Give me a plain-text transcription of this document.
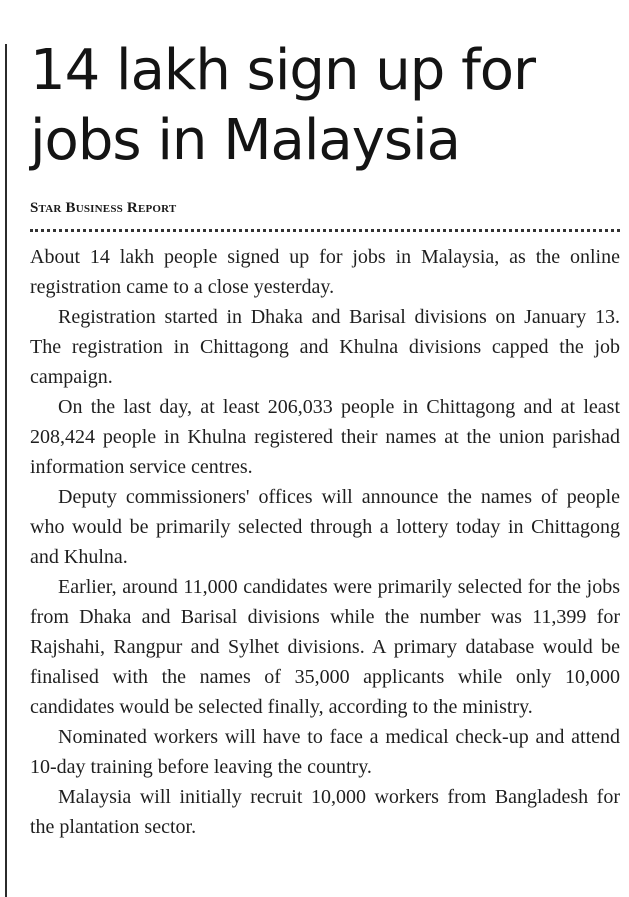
14 lakh sign up for
jobs in Malaysia
Star Business Report

About 14 lakh people signed up for jobs in Malaysia, as the online registration came to a close yesterday.

Registration started in Dhaka and Barisal divisions on January 13. The registration in Chittagong and Khulna divisions capped the job campaign.

On the last day, at least 206,033 people in Chittagong and at least 208,424 people in Khulna registered their names at the union parishad information service centres.

Deputy commissioners' offices will announce the names of people who would be primarily selected through a lottery today in Chittagong and Khulna.

Earlier, around 11,000 candidates were primarily selected for the jobs from Dhaka and Barisal divisions while the number was 11,399 for Rajshahi, Rangpur and Sylhet divisions. A primary database would be finalised with the names of 35,000 applicants while only 10,000 candidates would be selected finally, according to the ministry.

Nominated workers will have to face a medical check-up and attend 10-day training before leaving the country.

Malaysia will initially recruit 10,000 workers from Bangladesh for the plantation sector.
